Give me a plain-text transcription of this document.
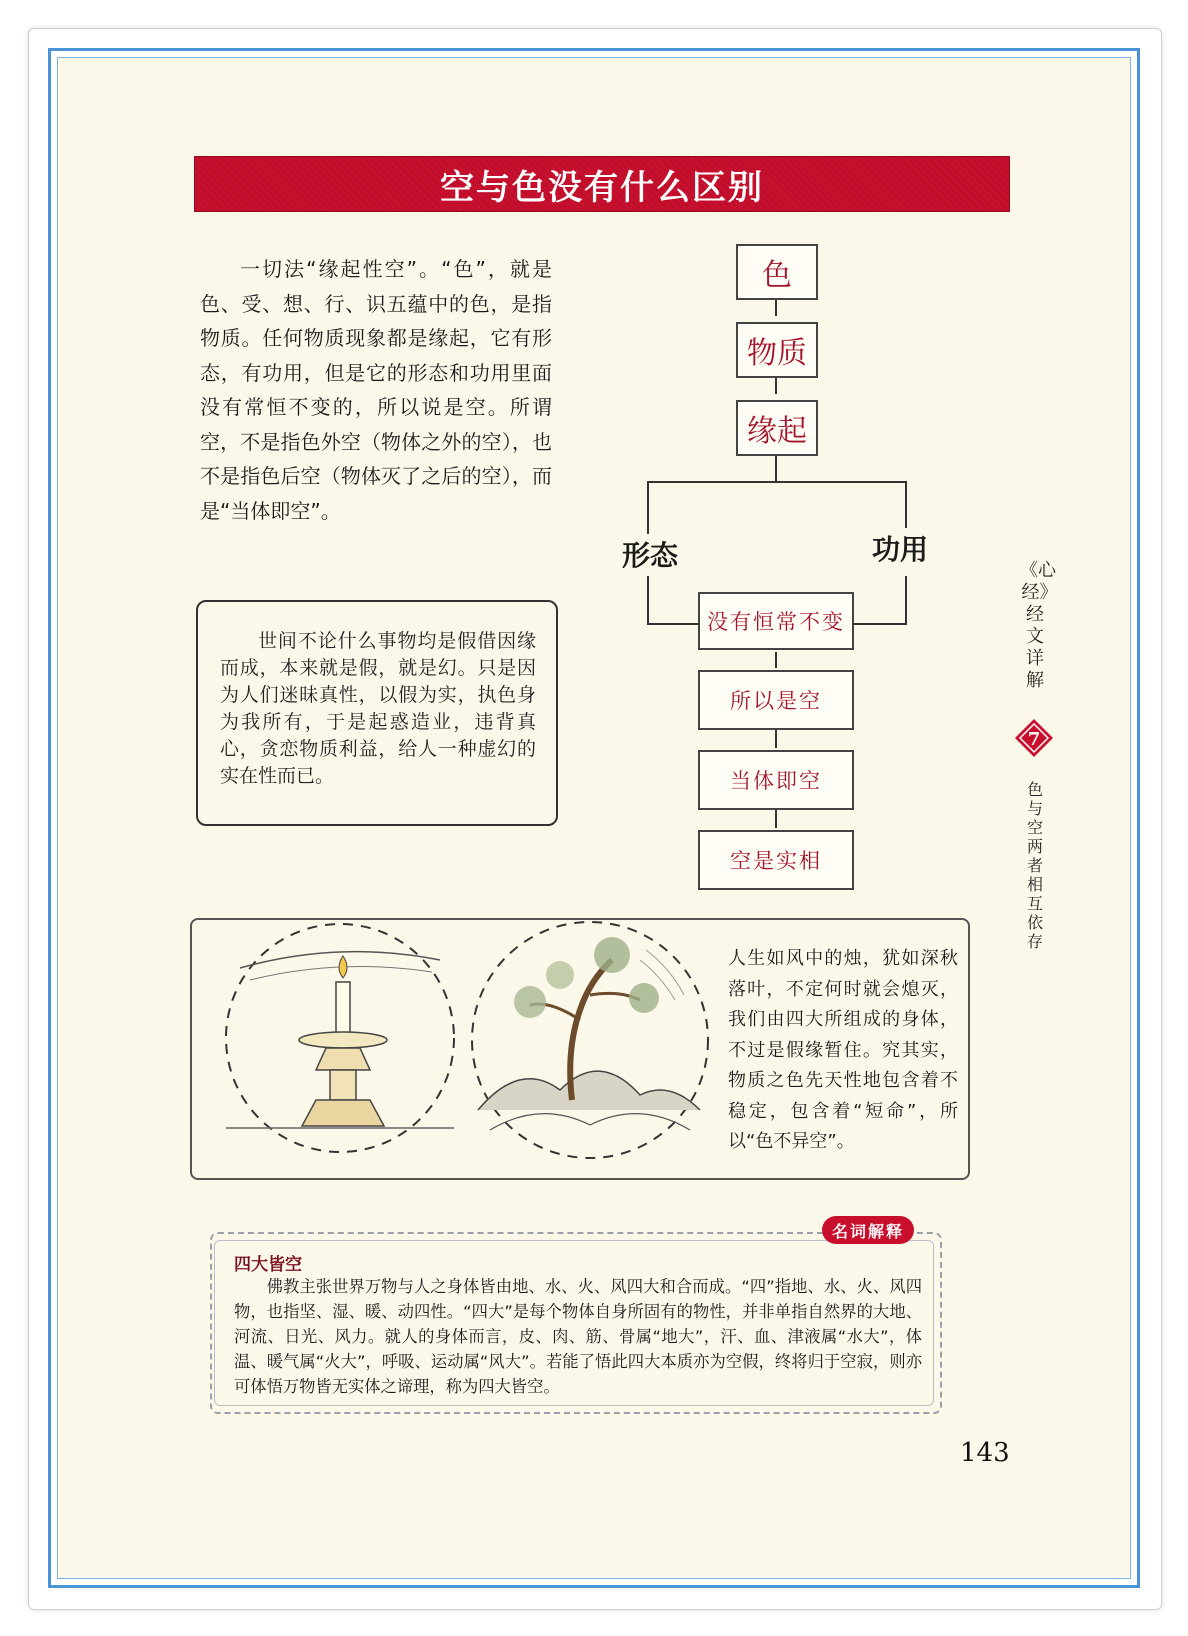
空与色没有什么区别
一切法“缘起性空”。“色”，就是色、受、想、行、识五蕴中的色，是指物质。任何物质现象都是缘起，它有形态，有功用，但是它的形态和功用里面没有常恒不变的，所以说是空。所谓空，不是指色外空（物体之外的空），也不是指色后空（物体灭了之后的空），而是“当体即空”。

世间不论什么事物均是假借因缘而成，本来就是假，就是幻。只是因为人们迷昧真性，以假为实，执色身为我所有，于是起惑造业，违背真心，贪恋物质利益，给人一种虚幻的实在性而已。

色
物质
缘起
形态	功用
没有恒常不变
所以是空
当体即空
空是实相
《心经》经文详解
7
色与空两者相互依存
人生如风中的烛，犹如深秋落叶，不定何时就会熄灭，我们由四大所组成的身体，不过是假缘暂住。究其实，物质之色先天性地包含着不稳定，包含着“短命”，所以“色不异空”。
名词解释
四大皆空
佛教主张世界万物与人之身体皆由地、水、火、风四大和合而成。“四”指地、水、火、风四物，也指坚、湿、暖、动四性。“四大”是每个物体自身所固有的物性，并非单指自然界的大地、河流、日光、风力。就人的身体而言，皮、肉、筋、骨属“地大”，汗、血、津液属“水大”，体温、暖气属“火大”，呼吸、运动属“风大”。若能了悟此四大本质亦为空假，终将归于空寂，则亦可体悟万物皆无实体之谛理，称为四大皆空。
143
